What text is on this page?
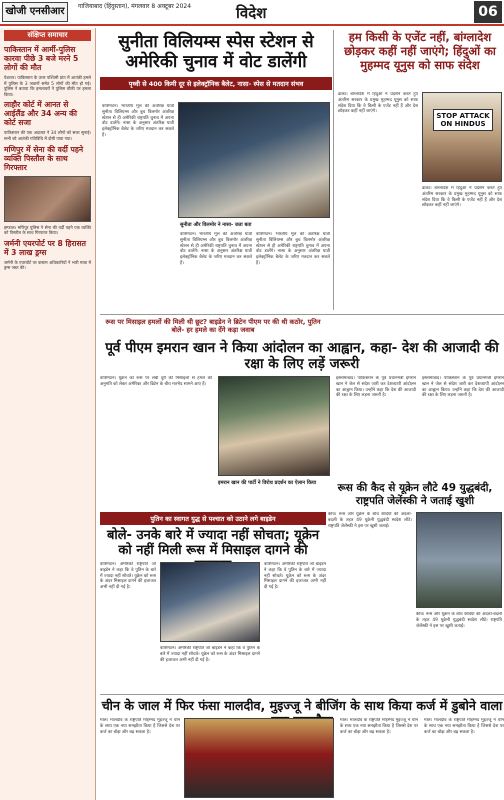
खोजी एनसीआर	गाजियाबाद (हिंदुस्तान), मंगलवार 8 अक्टूबर 2024	विदेश	06
संक्षिप्त समाचार
पाकिस्तान में आर्मी-पुलिस कारवा पीछे 3 बजे मरने 5 लोगों की मौत
पेशावर। पाकिस्तान के उत्तर पश्चिमी प्रांत में आतंकी हमले में पुलिस के 3 जवानों समेत 5 लोगों की मौत हो गई। पुलिस ने बताया कि हमलावरों ने पुलिस चौकी पर हमला किया।
लाहौर कोर्ट में आनत से आईलैंड और 34 अन्य की कोर्ट सजा
पाकिस्तान की एक अदालत ने 34 लोगों को सजा सुनाई। सभी को आतंकी गतिविधि में दोषी पाया गया।
मणिपुर में सेना की वर्दी पहने व्यक्ति पिस्तौल के साथ गिरफ्तार
इम्फाल। मणिपुर पुलिस ने सेना की वर्दी पहने एक व्यक्ति को पिस्तौल के साथ गिरफ्तार किया।
जर्मनी एयरपोर्ट पर 8 हिरासत में 3 लाख ड्रग्स
जर्मनी के एयरपोर्ट पर कस्टम अधिकारियों ने भारी मात्रा में ड्रग्स जब्त की।
सुनीता विलियम्स स्पेस स्टेशन से अमेरिकी चुनाव में वोट डालेंगी
पृथ्वी से 400 किमी दूर से इलेक्ट्रॉनिक बैलेट, नासा- स्पेस से मतदान संभव
वाशिंगटन। भारतीय मूल की अंतरिक्ष यात्री सुनीता विलियम्स और बुच विलमोर अंतरिक्ष स्टेशन से ही अमेरिकी राष्ट्रपति चुनाव में अपना वोट डालेंगे। नासा के अनुसार अंतरिक्ष यात्री इलेक्ट्रॉनिक बैलेट के जरिए मतदान कर सकते हैं।
सुनीता और विलमोर ने नासा- जता बता
वाशिंगटन। भारतीय मूल की अंतरिक्ष यात्री सुनीता विलियम्स और बुच विलमोर अंतरिक्ष स्टेशन से ही अमेरिकी राष्ट्रपति चुनाव में अपना वोट डालेंगे। नासा के अनुसार अंतरिक्ष यात्री इलेक्ट्रॉनिक बैलेट के जरिए मतदान कर सकते हैं।
वाशिंगटन। भारतीय मूल की अंतरिक्ष यात्री सुनीता विलियम्स और बुच विलमोर अंतरिक्ष स्टेशन से ही अमेरिकी राष्ट्रपति चुनाव में अपना वोट डालेंगे। नासा के अनुसार अंतरिक्ष यात्री इलेक्ट्रॉनिक बैलेट के जरिए मतदान कर सकते हैं।
हम किसी के एजेंट नहीं, बांग्लादेश छोड़कर कहीं नहीं जाएंगे; हिंदुओं का मुहम्मद यूनुस को साफ संदेश
ढाका। बांग्लादेश में हिंदुओं ने प्रदर्शन करते हुए अंतरिम सरकार के प्रमुख मुहम्मद यूनुस को साफ संदेश दिया कि वे किसी के एजेंट नहीं हैं और देश छोड़कर कहीं नहीं जाएंगे।
STOP ATTACK ON HINDUS
ढाका। बांग्लादेश में हिंदुओं ने प्रदर्शन करते हुए अंतरिम सरकार के प्रमुख मुहम्मद यूनुस को साफ संदेश दिया कि वे किसी के एजेंट नहीं हैं और देश छोड़कर कहीं नहीं जाएंगे।
रूस पर मिसाइल हमलों की मिली थी छूट? बाइडेन ने ब्रिटेन पीएम पर की थी कठोर, पुतिन बोले- हर हमले का देंगे कड़ा जवाब
पूर्व पीएम इमरान खान ने किया आंदोलन का आह्वान, कहा- देश की आजादी की रक्षा के लिए लड़ें जरूरी
वाशिंगटन। यूक्रेन को रूस पर लंबी दूरी की मिसाइलों से हमले की अनुमति को लेकर अमेरिका और ब्रिटेन के बीच मतभेद सामने आए हैं।
इमरान खान की पार्टी ने विरोध प्रदर्शन का ऐलान किया
इस्लामाबाद। पाकिस्तान के पूर्व प्रधानमंत्री इमरान खान ने जेल से संदेश जारी कर देशव्यापी आंदोलन का आह्वान किया। उन्होंने कहा कि देश की आजादी की रक्षा के लिए लड़ना जरूरी है।
इस्लामाबाद। पाकिस्तान के पूर्व प्रधानमंत्री इमरान खान ने जेल से संदेश जारी कर देशव्यापी आंदोलन का आह्वान किया। उन्होंने कहा कि देश की आजादी की रक्षा के लिए लड़ना जरूरी है।
रूस की कैद से यूक्रेन लौटे 49 युद्धबंदी, राष्ट्रपति जेलेंस्की ने जताई खुशी
कीव। रूस और यूक्रेन के बीच कैदियों की अदला-बदली के तहत 49 यूक्रेनी युद्धबंदी स्वदेश लौटे। राष्ट्रपति जेलेंस्की ने इस पर खुशी जताई।
कीव। रूस और यूक्रेन के बीच कैदियों की अदला-बदली के तहत 49 यूक्रेनी युद्धबंदी स्वदेश लौटे। राष्ट्रपति जेलेंस्की ने इस पर खुशी जताई।
पुतिन का स्वागत युद्ध से पश्चात को उठाने लगे बाइडेन
बोले- उनके बारे में ज्यादा नहीं सोचता; यूक्रेन को नहीं मिली रूस में मिसाइल दागने की
वाशिंगटन। अमेरिकी राष्ट्रपति जो बाइडेन ने कहा कि वे पुतिन के बारे में ज्यादा नहीं सोचते। यूक्रेन को रूस के अंदर मिसाइल दागने की इजाजत अभी नहीं दी गई है।
वाशिंगटन। अमेरिकी राष्ट्रपति जो बाइडेन ने कहा कि वे पुतिन के बारे में ज्यादा नहीं सोचते। यूक्रेन को रूस के अंदर मिसाइल दागने की इजाजत अभी नहीं दी गई है।
वाशिंगटन। अमेरिकी राष्ट्रपति जो बाइडेन ने कहा कि वे पुतिन के बारे में ज्यादा नहीं सोचते। यूक्रेन को रूस के अंदर मिसाइल दागने की इजाजत अभी नहीं दी गई है।
चीन के जाल में फिर फंसा मालदीव, मुइज्जू ने बीजिंग के साथ किया कर्ज में डुबोने वाला
माले। मालदीव के राष्ट्रपति मोहम्मद मुइज्जू ने चीन के साथ एक नया समझौता किया है जिससे देश पर कर्ज का बोझ और बढ़ सकता है।
माले। मालदीव के राष्ट्रपति मोहम्मद मुइज्जू ने चीन के साथ एक नया समझौता किया है जिससे देश पर कर्ज का बोझ और बढ़ सकता है।
माले। मालदीव के राष्ट्रपति मोहम्मद मुइज्जू ने चीन के साथ एक नया समझौता किया है जिससे देश पर कर्ज का बोझ और बढ़ सकता है।
